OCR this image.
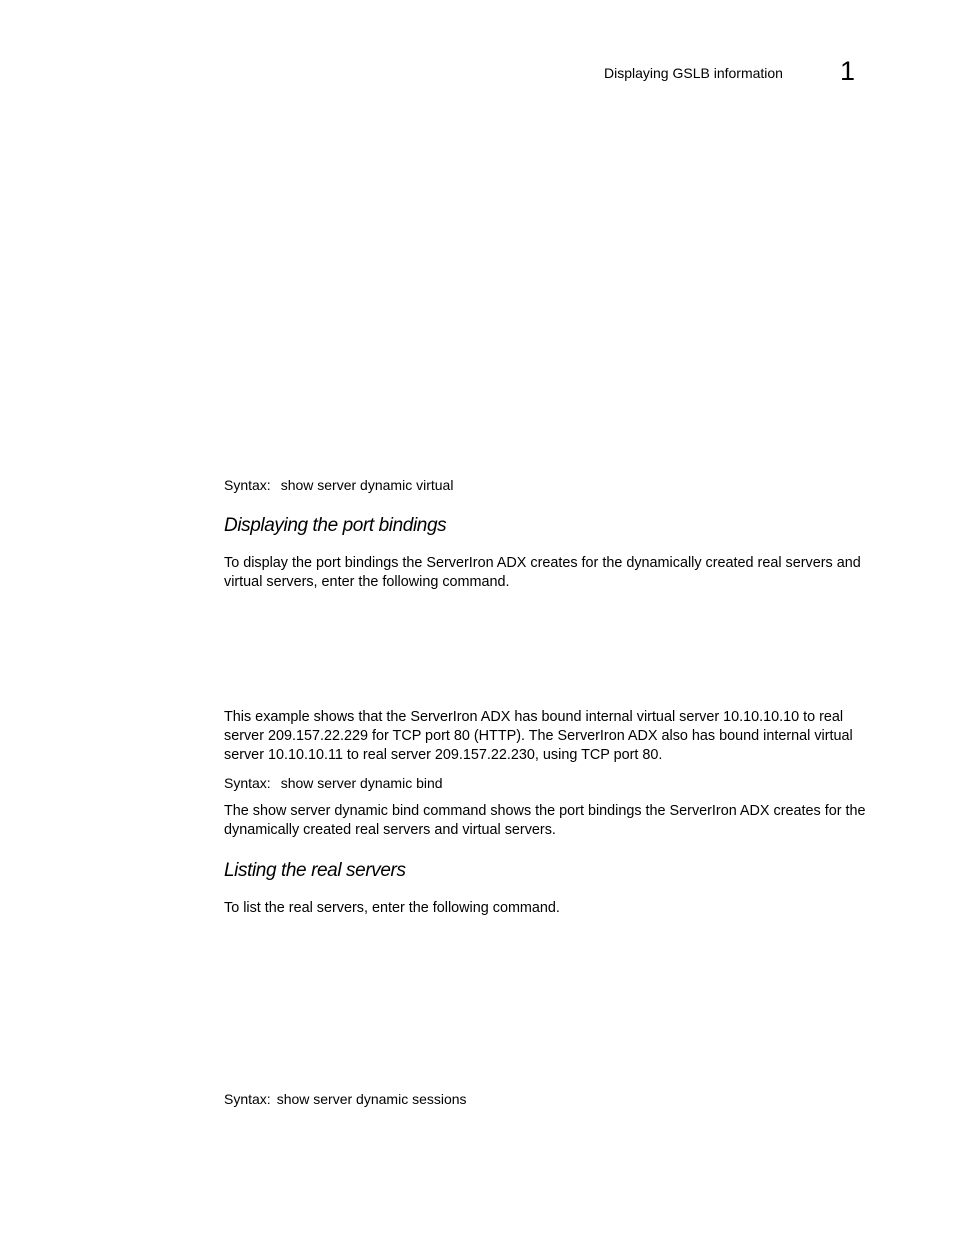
Displaying GSLB information 1
Syntax: show server dynamic virtual
Displaying the port bindings
To display the port bindings the ServerIron ADX creates for the dynamically created real servers and virtual servers, enter the following command.
This example shows that the ServerIron ADX has bound internal virtual server 10.10.10.10 to real server 209.157.22.229 for TCP port 80 (HTTP). The ServerIron ADX also has bound internal virtual server 10.10.10.11 to real server 209.157.22.230, using TCP port 80.
Syntax: show server dynamic bind
The show server dynamic bind command shows the port bindings the ServerIron ADX creates for the dynamically created real servers and virtual servers.
Listing the real servers
To list the real servers, enter the following command.
Syntax: show server dynamic sessions
